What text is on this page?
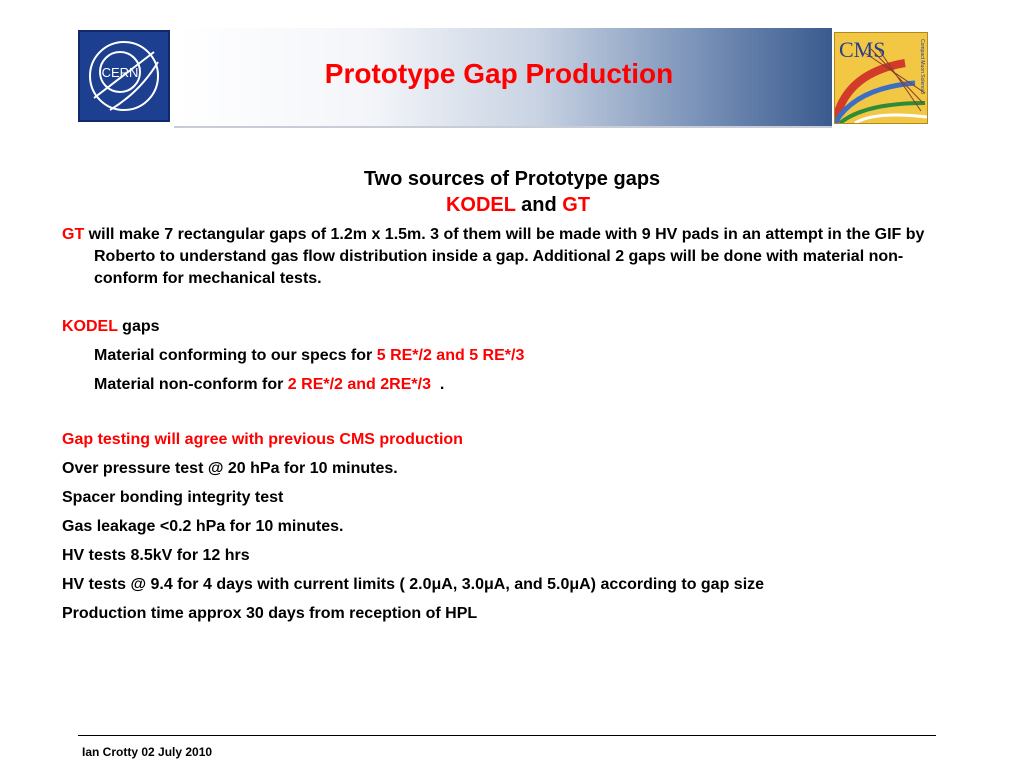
CERN	Prototype Gap Production
CMS	Compact Muon Solenoid

Two sources of Prototype gaps

KODEL and GT

GT will make 7 rectangular gaps of 1.2m x 1.5m. 3 of them will be made with 9 HV pads in an attempt in the GIF by Roberto to understand gas flow distribution inside a gap. Additional 2 gaps will be done with material non-conform for mechanical tests.

KODEL gaps

Material conforming to our specs for 5 RE*/2 and 5 RE*/3

Material non-conform for 2 RE*/2 and 2RE*/3 .

Gap testing will agree with previous CMS production

Over pressure test @ 20 hPa for 10 minutes.

Spacer bonding integrity test

Gas leakage <0.2 hPa for 10 minutes.

HV tests 8.5kV for 12 hrs

HV tests @ 9.4 for 4 days with current limits ( 2.0μA, 3.0μA, and 5.0μA) according to gap size

Production time approx 30 days from reception of HPL

Ian Crotty 02 July 2010
